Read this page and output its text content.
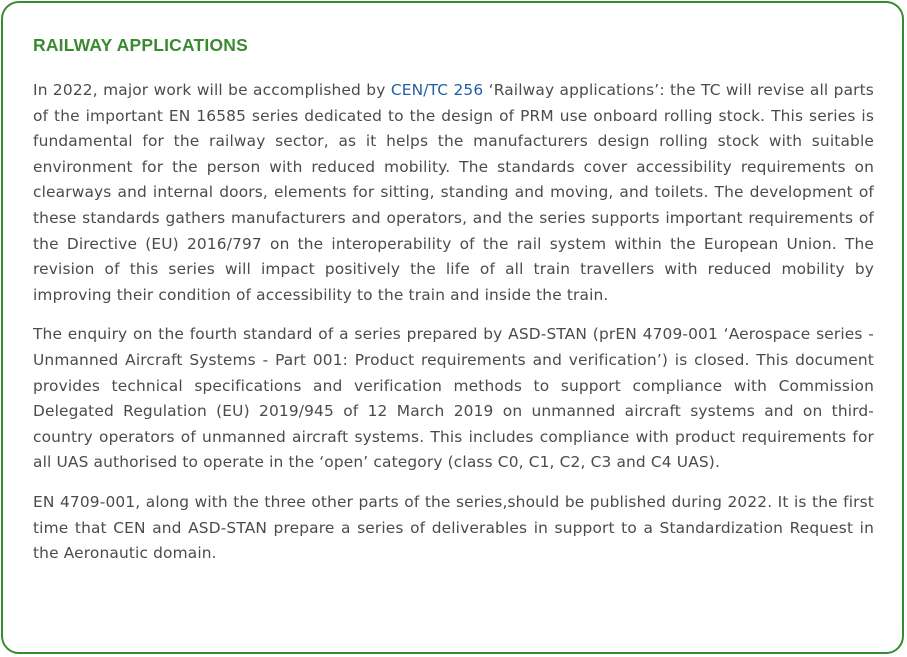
RAILWAY APPLICATIONS

In 2022, major work will be accomplished by CEN/TC 256 ‘Railway applications’: the TC will revise all parts of the important EN 16585 series dedicated to the design of PRM use onboard rolling stock. This series is fundamental for the railway sector, as it helps the manufacturers design rolling stock with suitable environment for the person with reduced mobility. The standards cover accessibility requirements on clearways and internal doors, elements for sitting, standing and moving, and toilets. The development of these standards gathers manufacturers and operators, and the series supports important requirements of the Directive (EU) 2016/797 on the interoperability of the rail system within the European Union. The revision of this series will impact positively the life of all train travellers with reduced mobility by improving their condition of accessibility to the train and inside the train.

The enquiry on the fourth standard of a series prepared by ASD-STAN (prEN 4709-001 ‘Aerospace series - Unmanned Aircraft Systems - Part 001: Product requirements and verification’) is closed. This document provides technical specifications and verification methods to support compliance with Commission Delegated Regulation (EU) 2019/945 of 12 March 2019 on unmanned aircraft systems and on third-country operators of unmanned aircraft systems. This includes compliance with product requirements for all UAS authorised to operate in the ‘open’ category (class C0, C1, C2, C3 and C4 UAS).

EN 4709-001, along with the three other parts of the series,should be published during 2022. It is the first time that CEN and ASD-STAN prepare a series of deliverables in support to a Standardization Request in the Aeronautic domain.
